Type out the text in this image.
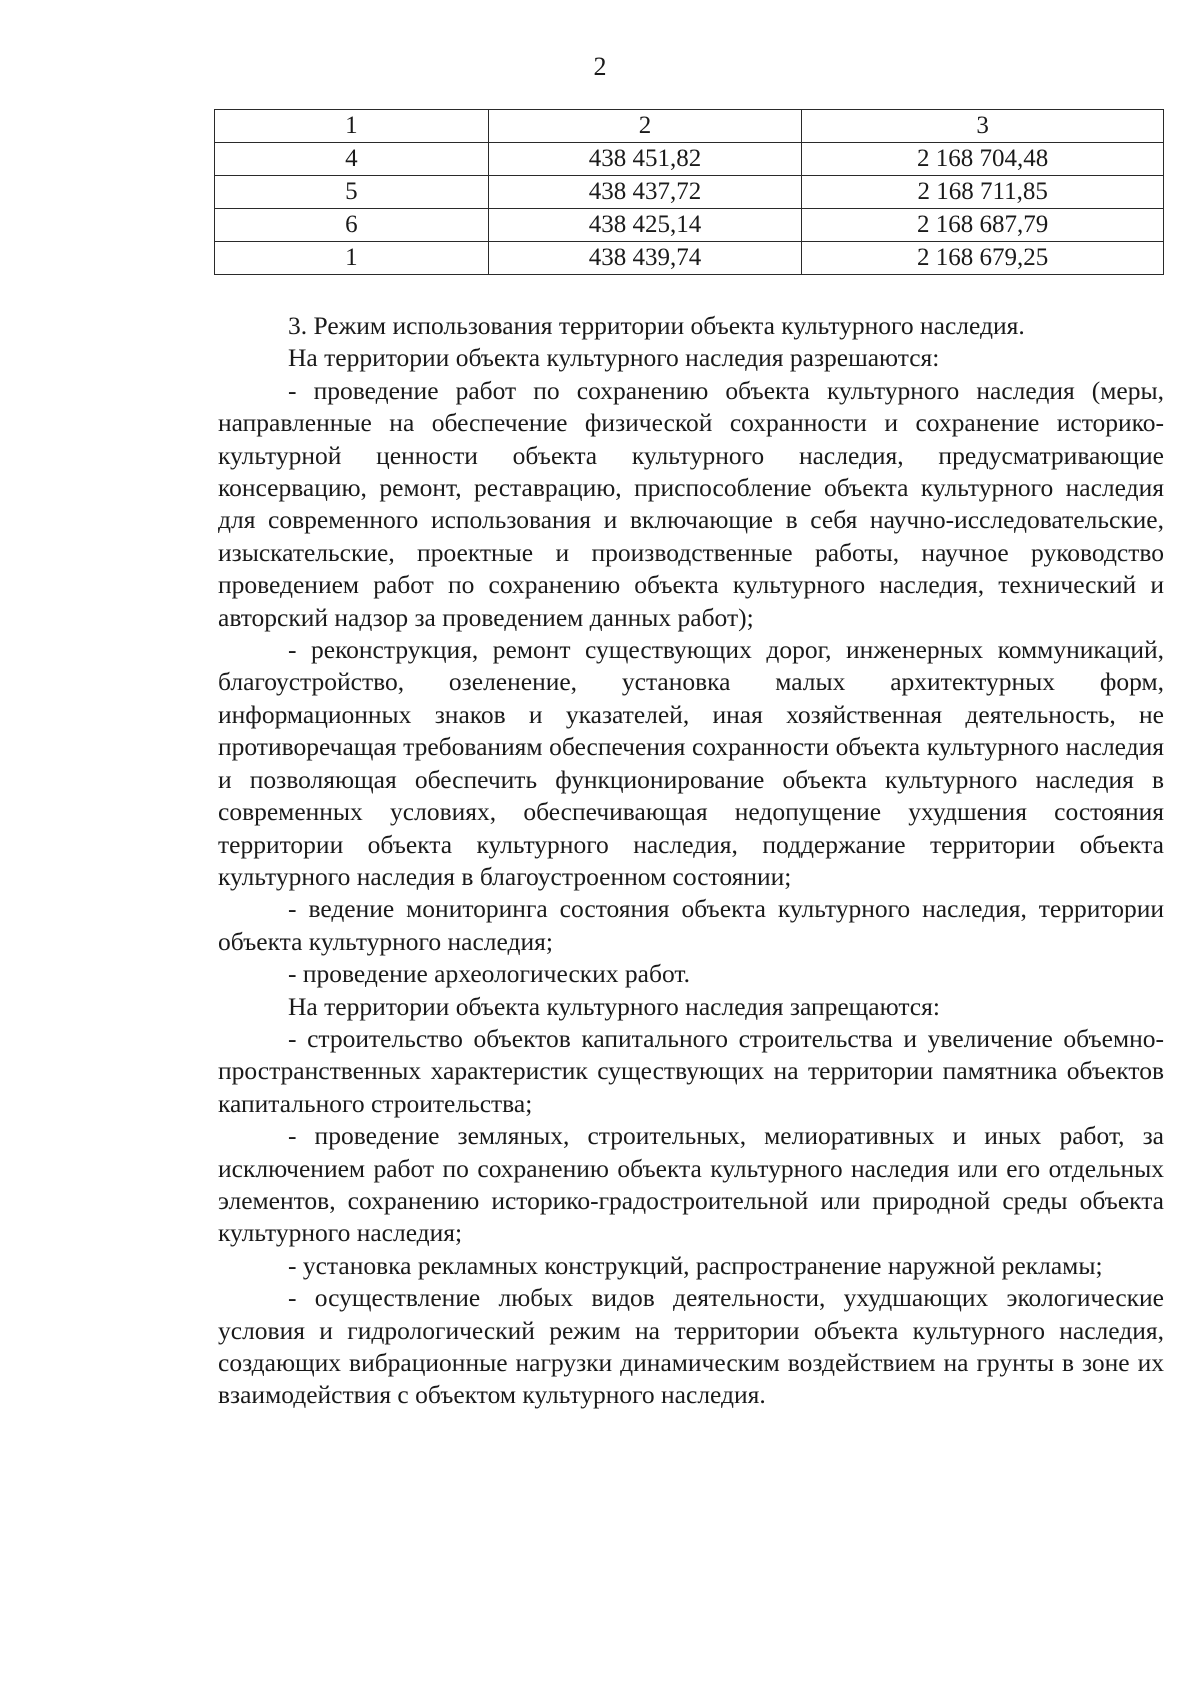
2
1	2	3
4	438 451,82	2 168 704,48
5	438 437,72	2 168 711,85
6	438 425,14	2 168 687,79
1	438 439,74	2 168 679,25

3. Режим использования территории объекта культурного наследия.

На территории объекта культурного наследия разрешаются:

- проведение работ по сохранению объекта культурного наследия (меры, направленные на обеспечение физической сохранности и сохранение историко-культурной ценности объекта культурного наследия, предусматривающие консервацию, ремонт, реставрацию, приспособление объекта культурного наследия для современного использования и включающие в себя научно-исследовательские, изыскательские, проектные и производственные работы, научное руководство проведением работ по сохранению объекта культурного наследия, технический и авторский надзор за проведением данных работ);

- реконструкция, ремонт существующих дорог, инженерных коммуникаций, благоустройство, озеленение, установка малых архитектурных форм, информационных знаков и указателей, иная хозяйственная деятельность, не противоречащая требованиям обеспечения сохранности объекта культурного наследия и позволяющая обеспечить функционирование объекта культурного наследия в современных условиях, обеспечивающая недопущение ухудшения состояния территории объекта культурного наследия, поддержание территории объекта культурного наследия в благоустроенном состоянии;

- ведение мониторинга состояния объекта культурного наследия, территории объекта культурного наследия;

- проведение археологических работ.

На территории объекта культурного наследия запрещаются:

- строительство объектов капитального строительства и увеличение объемно-пространственных характеристик существующих на территории памятника объектов капитального строительства;

- проведение земляных, строительных, мелиоративных и иных работ, за исключением работ по сохранению объекта культурного наследия или его отдельных элементов, сохранению историко-градостроительной или природной среды объекта культурного наследия;

- установка рекламных конструкций, распространение наружной рекламы;

- осуществление любых видов деятельности, ухудшающих экологические условия и гидрологический режим на территории объекта культурного наследия, создающих вибрационные нагрузки динамическим воздействием на грунты в зоне их взаимодействия с объектом культурного наследия.
